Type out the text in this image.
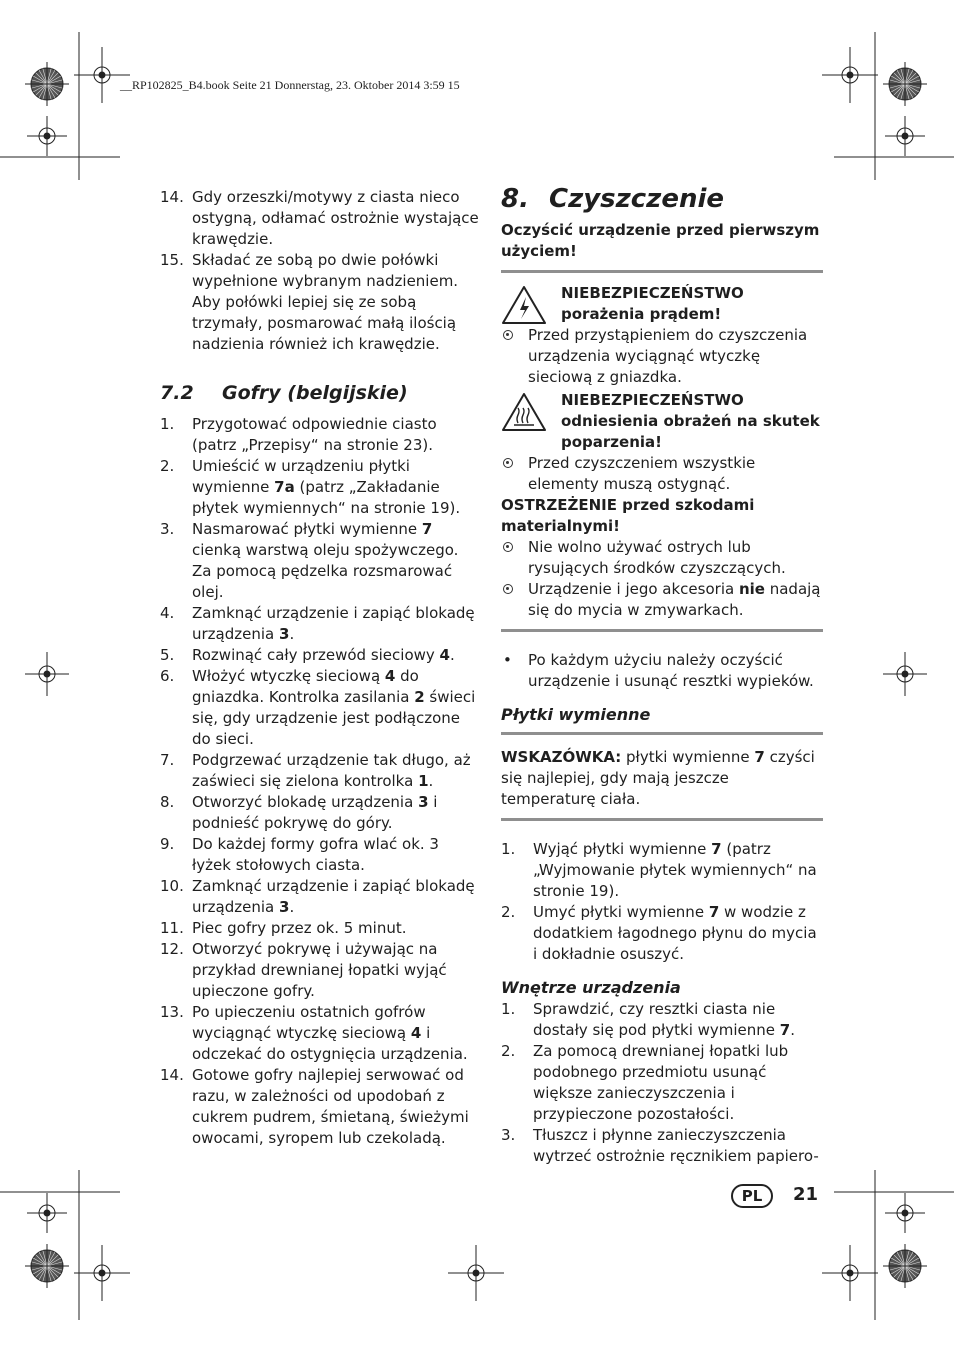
__RP102825_B4.book Seite 21 Donnerstag, 23. Oktober 2014 3:59 15
14. Gdy orzeszki/motywy z ciasta nieco ostygną, odłamać ostrożnie wystające krawędzie.
15. Składać ze sobą po dwie połówki wypełnione wybranym nadzieniem. Aby połówki lepiej się ze sobą trzymały, posmarować małą ilością nadzienia również ich krawędzie.
7.2 Gofry (belgijskie)
1. Przygotować odpowiednie ciasto (patrz „Przepisy“ na stronie 23).
2. Umieścić w urządzeniu płytki wymienne 7a (patrz „Zakładanie płytek wymiennych“ na stronie 19).
3. Nasmarować płytki wymienne 7 cienką warstwą oleju spożywczego. Za pomocą pędzelka rozsmarować olej.
4. Zamknąć urządzenie i zapiąć blokadę urządzenia 3.
5. Rozwinąć cały przewód sieciowy 4.
6. Włożyć wtyczkę sieciową 4 do gniazdka. Kontrolka zasilania 2 świeci się, gdy urządzenie jest podłączone do sieci.
7. Podgrzewać urządzenie tak długo, aż zaświeci się zielona kontrolka 1.
8. Otworzyć blokadę urządzenia 3 i podnieść pokrywę do góry.
9. Do każdej formy gofra wlać ok. 3 łyżek stołowych ciasta.
10. Zamknąć urządzenie i zapiąć blokadę urządzenia 3.
11. Piec gofry przez ok. 5 minut.
12. Otworzyć pokrywę i używając na przykład drewnianej łopatki wyjąć upieczone gofry.
13. Po upieczeniu ostatnich gofrów wyciągnąć wtyczkę sieciową 4 i odczekać do ostygnięcia urządzenia.
14. Gotowe gofry najlepiej serwować od razu, w zależności od upodobań z cukrem pudrem, śmietaną, świeżymi owocami, syropem lub czekoladą.
8. Czyszczenie
Oczyścić urządzenie przed pierwszym użyciem!
NIEBEZPIECZEŃSTWO porażenia prądem!
Przed przystąpieniem do czyszczenia urządzenia wyciągnąć wtyczkę sieciową z gniazdka.
NIEBEZPIECZEŃSTWO odniesienia obrażeń na skutek poparzenia!
Przed czyszczeniem wszystkie elementy muszą ostygnąć.
OSTRZEŻENIE przed szkodami materialnymi!
Nie wolno używać ostrych lub rysujących środków czyszczących.
Urządzenie i jego akcesoria nie nadają się do mycia w zmywarkach.
• Po każdym użyciu należy oczyścić urządzenie i usunąć resztki wypieków.
Płytki wymienne
WSKAZÓWKA: płytki wymienne 7 czyści się najlepiej, gdy mają jeszcze temperaturę ciała.
1. Wyjąć płytki wymienne 7 (patrz „Wyjmowanie płytek wymiennych“ na stronie 19).
2. Umyć płytki wymienne 7 w wodzie z dodatkiem łagodnego płynu do mycia i dokładnie osuszyć.
Wnętrze urządzenia
1. Sprawdzić, czy resztki ciasta nie dostały się pod płytki wymienne 7.
2. Za pomocą drewnianej łopatki lub podobnego przedmiotu usunąć większe zanieczyszczenia i przypieczone pozostałości.
3. Tłuszcz i płynne zanieczyszczenia wytrzeć ostrożnie ręcznikiem papiero-
PL	21
